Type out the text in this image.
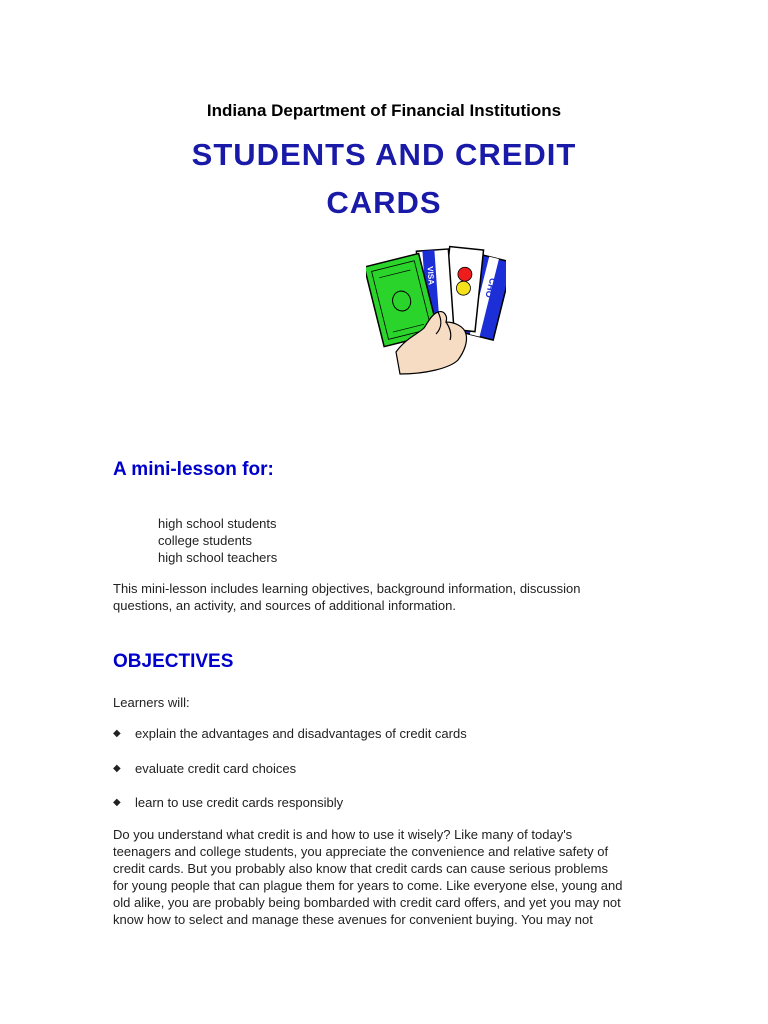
Indiana Department of Financial Institutions
STUDENTS AND CREDIT
CARDS
CHO
VISA
A mini-lesson for:
high school students
college students
high school teachers
This mini-lesson includes learning objectives, background information, discussion
questions, an activity, and sources of additional information.
OBJECTIVES
Learners will:
◆ explain the advantages and disadvantages of credit cards
◆ evaluate credit card choices
◆ learn to use credit cards responsibly
Do you understand what credit is and how to use it wisely? Like many of today's
teenagers and college students, you appreciate the convenience and relative safety of
credit cards. But you probably also know that credit cards can cause serious problems
for young people that can plague them for years to come. Like everyone else, young and
old alike, you are probably being bombarded with credit card offers, and yet you may not
know how to select and manage these avenues for convenient buying. You may not
